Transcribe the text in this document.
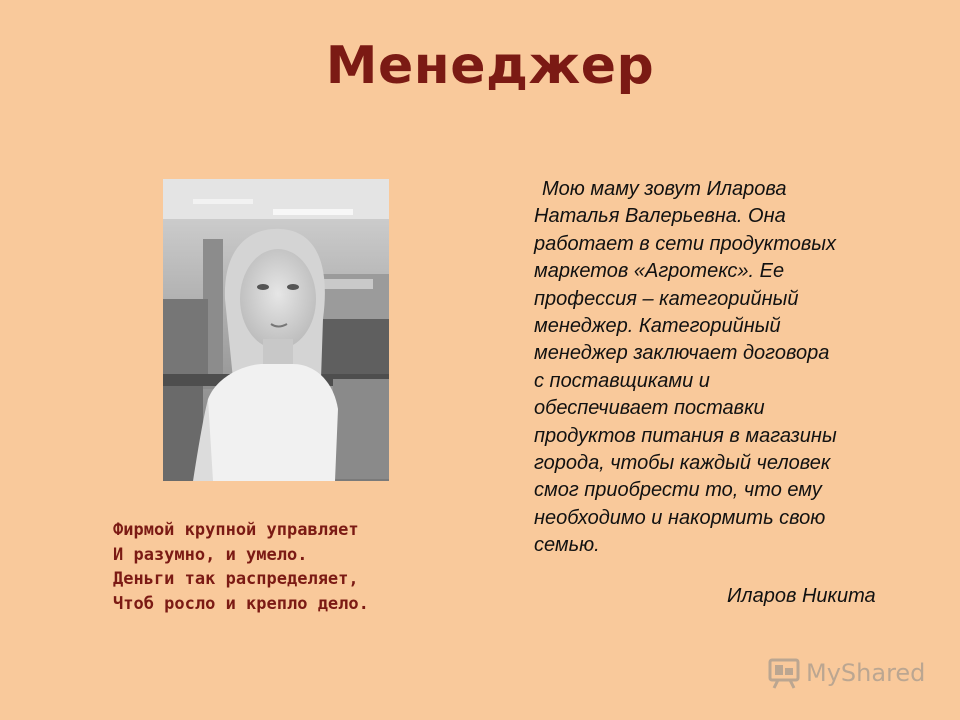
Менеджер
Мою маму зовут Иларова
Наталья Валерьевна. Она
работает в сети продуктовых
маркетов «Агротекс». Ее
профессия – категорийный
менеджер. Категорийный
менеджер заключает договора
с поставщиками и
обеспечивает поставки
продуктов питания в магазины
города, чтобы каждый человек
смог приобрести то, что ему
необходимо и накормить свою
семью.
Иларов Никита
Фирмой крупной управляет
И разумно, и умело.
Деньги так распределяет,
Чтоб росло и крепло дело.
MyShared
